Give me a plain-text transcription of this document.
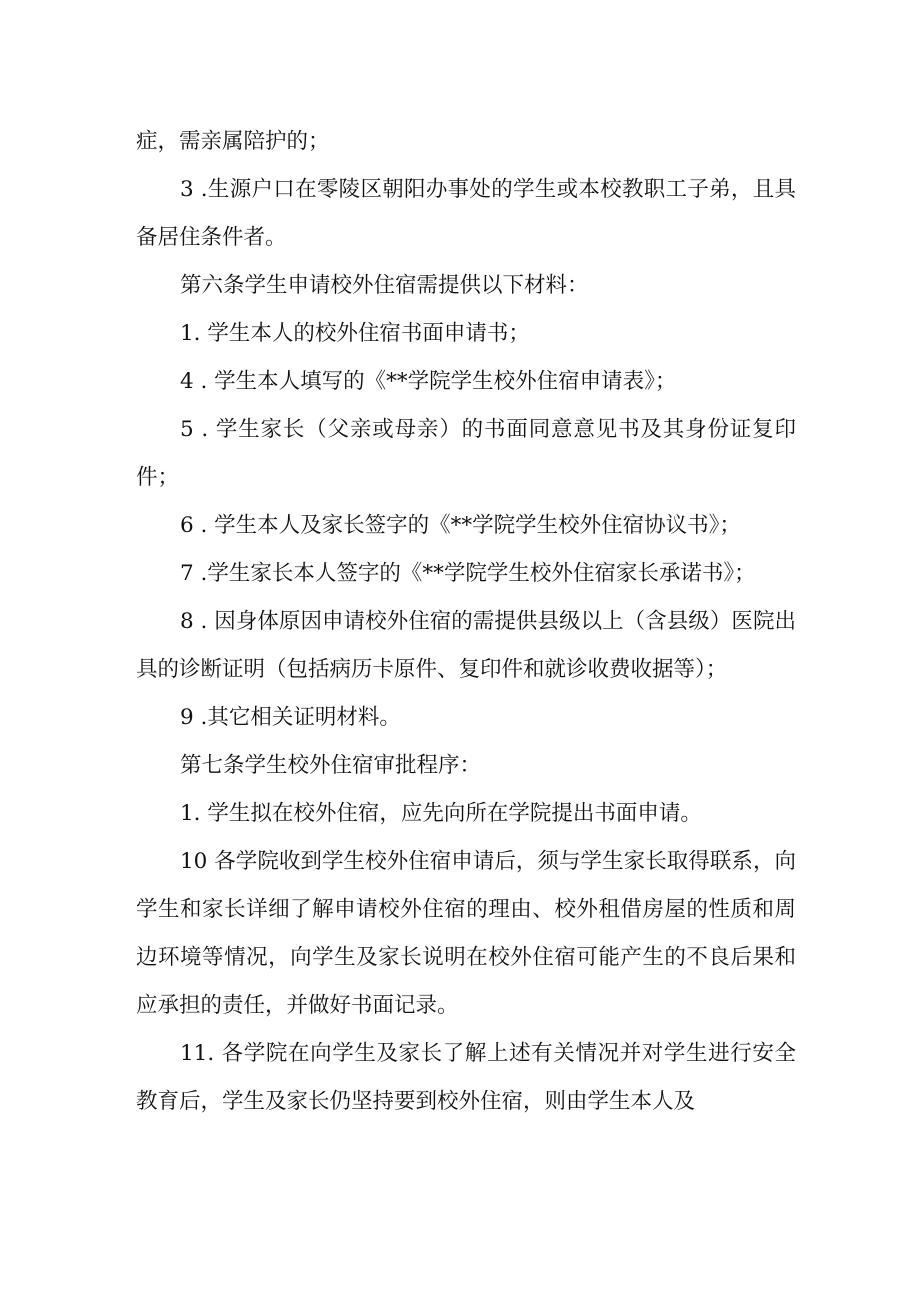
症，需亲属陪护的；

3 .生源户口在零陵区朝阳办事处的学生或本校教职工子弟，且具备居住条件者。

第六条学生申请校外住宿需提供以下材料：

1. 学生本人的校外住宿书面申请书；

4 . 学生本人填写的《**学院学生校外住宿申请表》；

5 . 学生家长（父亲或母亲）的书面同意意见书及其身份证复印件；

6 . 学生本人及家长签字的《**学院学生校外住宿协议书》；

7 .学生家长本人签字的《**学院学生校外住宿家长承诺书》；

8 . 因身体原因申请校外住宿的需提供县级以上（含县级）医院出具的诊断证明（包括病历卡原件、复印件和就诊收费收据等）；

9 .其它相关证明材料。

第七条学生校外住宿审批程序：

1. 学生拟在校外住宿，应先向所在学院提出书面申请。

10 各学院收到学生校外住宿申请后，须与学生家长取得联系，向学生和家长详细了解申请校外住宿的理由、校外租借房屋的性质和周边环境等情况，向学生及家长说明在校外住宿可能产生的不良后果和应承担的责任，并做好书面记录。

11. 各学院在向学生及家长了解上述有关情况并对学生进行安全教育后，学生及家长仍坚持要到校外住宿，则由学生本人及
